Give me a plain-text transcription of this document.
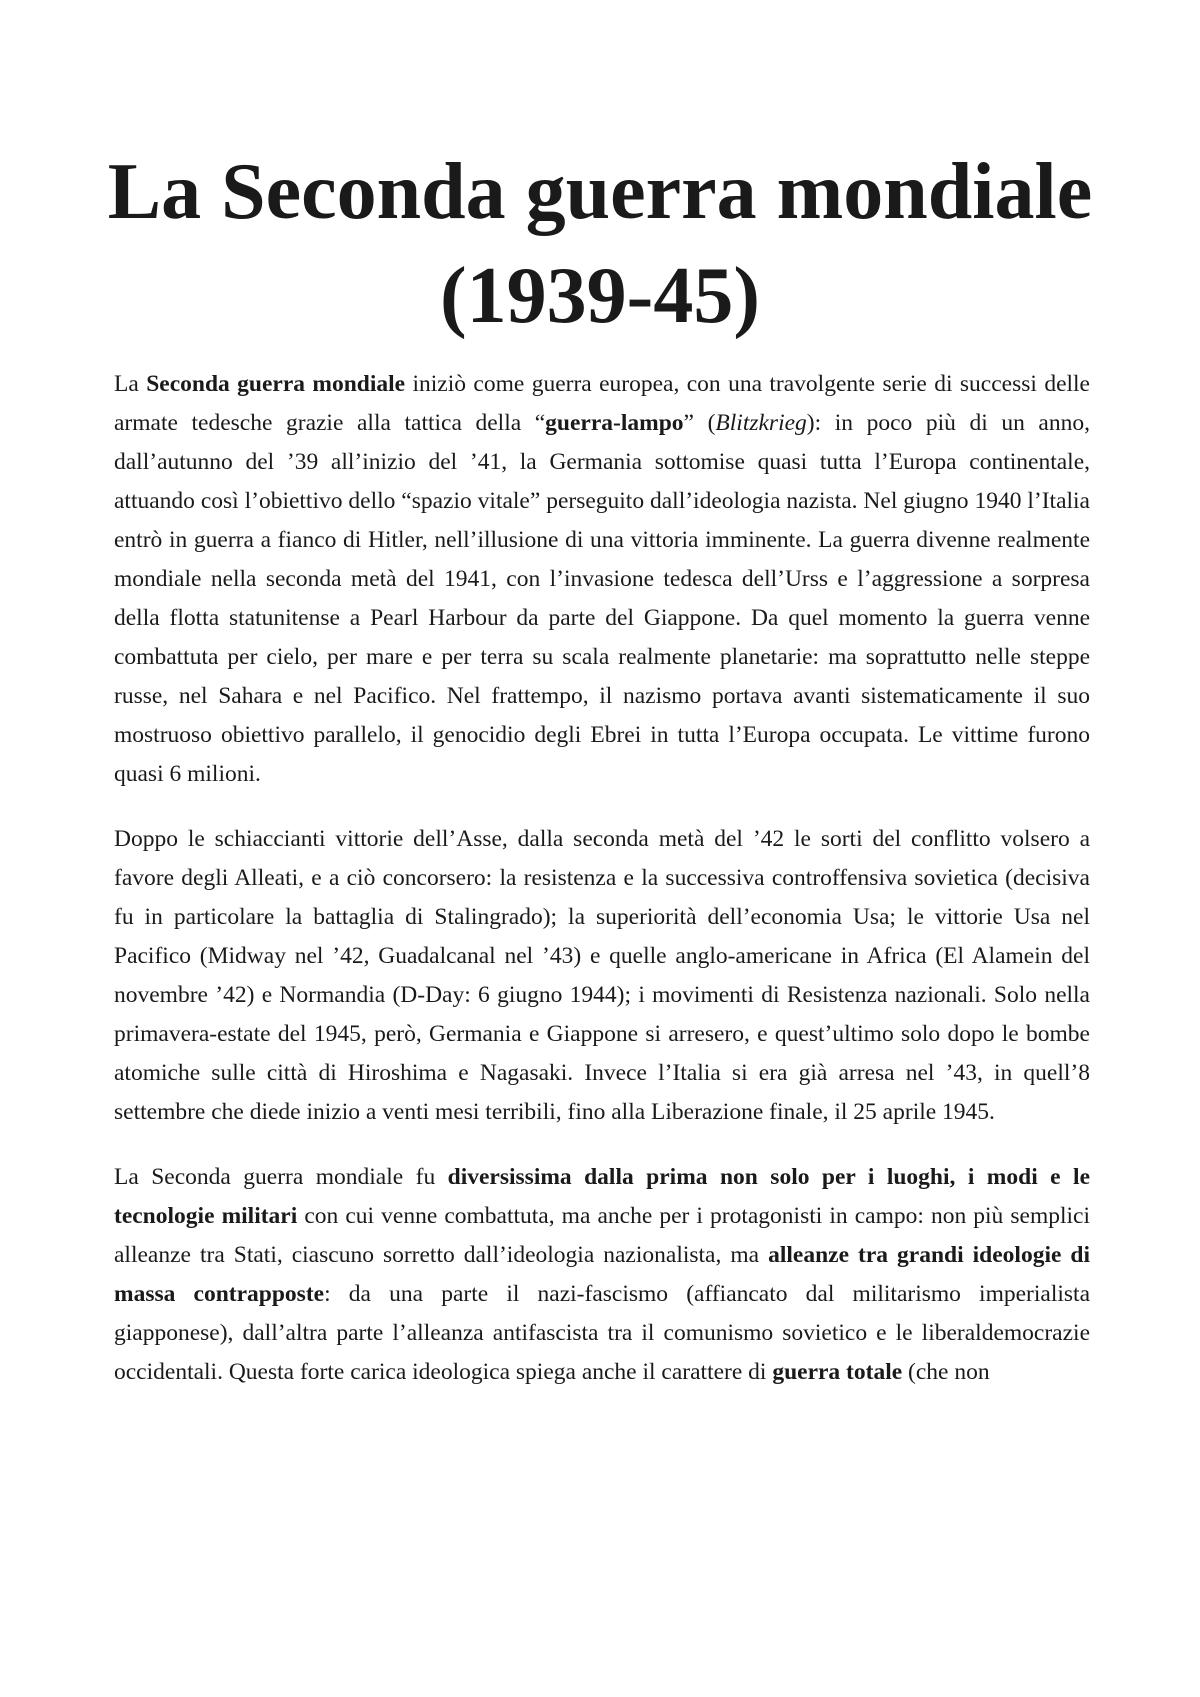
La Seconda guerra mondiale
(1939-45)

La Seconda guerra mondiale iniziò come guerra europea, con una travolgente serie di successi delle armate tedesche grazie alla tattica della “guerra-lampo” (Blitzkrieg): in poco più di un anno, dall’autunno del ’39 all’inizio del ’41, la Germania sottomise quasi tutta l’Europa continentale, attuando così l’obiettivo dello “spazio vitale” perseguito dall’ideologia nazista. Nel giugno 1940 l’Italia entrò in guerra a fianco di Hitler, nell’illusione di una vittoria imminente. La guerra divenne realmente mondiale nella seconda metà del 1941, con l’invasione tedesca dell’Urss e l’aggressione a sorpresa della flotta statunitense a Pearl Harbour da parte del Giappone. Da quel momento la guerra venne combattuta per cielo, per mare e per terra su scala realmente planetarie: ma soprattutto nelle steppe russe, nel Sahara e nel Pacifico. Nel frattempo, il nazismo portava avanti sistematicamente il suo mostruoso obiettivo parallelo, il genocidio degli Ebrei in tutta l’Europa occupata. Le vittime furono quasi 6 milioni.

Doppo le schiaccianti vittorie dell’Asse, dalla seconda metà del ’42 le sorti del conflitto volsero a favore degli Alleati, e a ciò concorsero: la resistenza e la successiva controffensiva sovietica (decisiva fu in particolare la battaglia di Stalingrado); la superiorità dell’economia Usa; le vittorie Usa nel Pacifico (Midway nel ’42, Guadalcanal nel ’43) e quelle anglo-americane in Africa (El Alamein del novembre ’42) e Normandia (D-Day: 6 giugno 1944); i movimenti di Resistenza nazionali. Solo nella primavera-estate del 1945, però, Germania e Giappone si arresero, e quest’ultimo solo dopo le bombe atomiche sulle città di Hiroshima e Nagasaki. Invece l’Italia si era già arresa nel ’43, in quell’8 settembre che diede inizio a venti mesi terribili, fino alla Liberazione finale, il 25 aprile 1945.

La Seconda guerra mondiale fu diversissima dalla prima non solo per i luoghi, i modi e le tecnologie militari con cui venne combattuta, ma anche per i protagonisti in campo: non più semplici alleanze tra Stati, ciascuno sorretto dall’ideologia nazionalista, ma alleanze tra grandi ideologie di massa contrapposte: da una parte il nazi-fascismo (affiancato dal militarismo imperialista giapponese), dall’altra parte l’alleanza antifascista tra il comunismo sovietico e le liberaldemocrazie occidentali. Questa forte carica ideologica spiega anche il carattere di guerra totale (che non
